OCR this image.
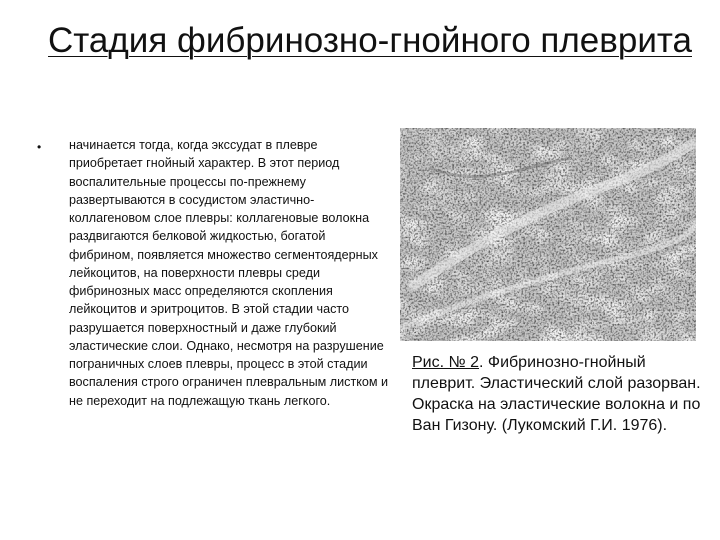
Стадия фибринозно-гнойного плеврита
• начинается тогда, когда экссудат в плевре приобретает гнойный характер. В этот период воспалительные процессы по-прежнему развертываются в сосудистом эластично-коллагеновом слое плевры: коллагеновые волокна раздвигаются белковой жидкостью, богатой фибрином, появляется множество сегментоядерных лейкоцитов, на поверхности плевры среди фибринозных масс определяются скопления лейкоцитов и эритроцитов. В этой стадии часто разрушается поверхностный и даже глубокий эластические слои. Однако, несмотря на разрушение пограничных слоев плевры, процесс в этой стадии воспаления строго ограничен плевральным листком и не переходит на подлежащую ткань легкого.

Рис. № 2. Фибринозно-гнойный плеврит. Эластический слой разорван. Окраска на эластические волокна и по Ван Гизону. (Лукомский Г.И. 1976).
